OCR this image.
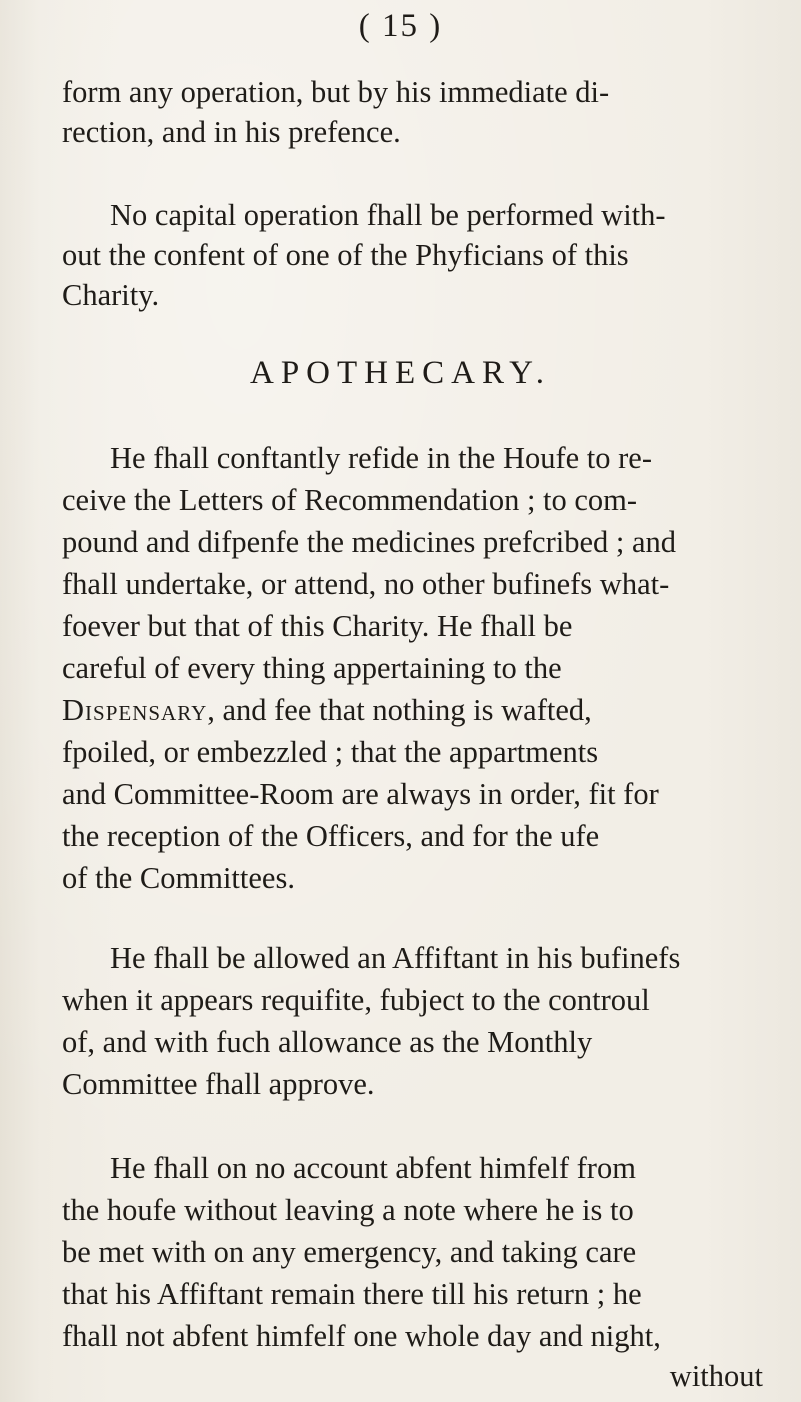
( 15 )
form any operation, but by his immediate di-
rection, and in his prefence.
No capital operation fhall be performed with-
out the confent of one of the Phyficians of this
Charity.
APOTHECARY.
He fhall conftantly refide in the Houfe to re-
ceive the Letters of Recommendation ; to com-
pound and difpenfe the medicines prefcribed ; and
fhall undertake, or attend, no other bufinefs what-
foever but that of this Charity. He fhall be
careful of every thing appertaining to the
Dispensary, and fee that nothing is wafted,
fpoiled, or embezzled ; that the appartments
and Committee-Room are always in order, fit for
the reception of the Officers, and for the ufe
of the Committees.
He fhall be allowed an Affiftant in his bufinefs
when it appears requifite, fubject to the controul
of, and with fuch allowance as the Monthly
Committee fhall approve.
He fhall on no account abfent himfelf from
the houfe without leaving a note where he is to
be met with on any emergency, and taking care
that his Affiftant remain there till his return ; he
fhall not abfent himfelf one whole day and night,
without
